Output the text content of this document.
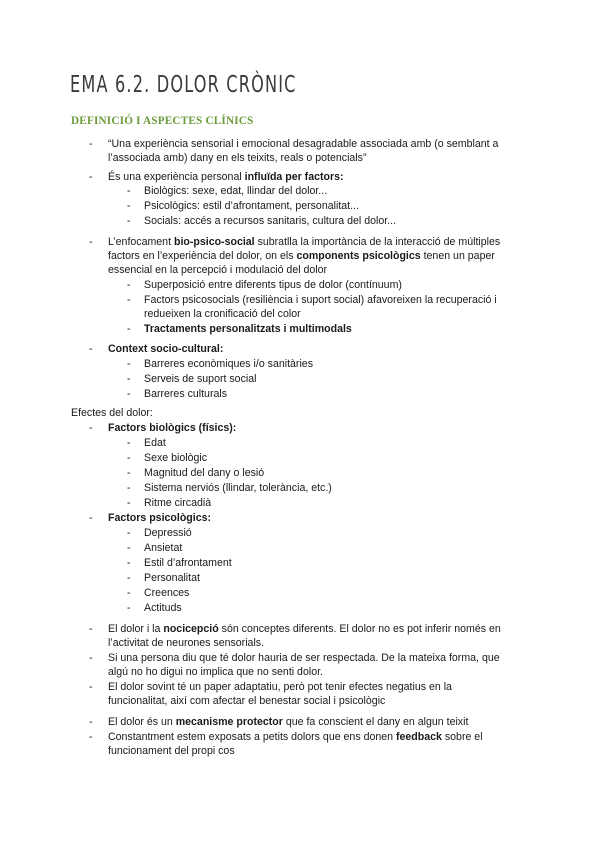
EMA 6.2. DOLOR CRÒNIC
DEFINICIÓ I ASPECTES CLÍNICS
- “Una experiència sensorial i emocional desagradable associada amb (o semblant a
l’associada amb) dany en els teixits, reals o potencials”
- És una experiència personal influïda per factors:
- Biològics: sexe, edat, llindar del dolor...
- Psicològics: estil d’afrontament, personalitat...
- Socials: accés a recursos sanitaris, cultura del dolor...
- L’enfocament bio-psico-social subratlla la importància de la interacció de múltiples
factors en l’experiència del dolor, on els components psicològics tenen un paper
essencial en la percepció i modulació del dolor
- Superposició entre diferents tipus de dolor (contínuum)
- Factors psicosocials (resiliència i suport social) afavoreixen la recuperació i
redueixen la cronificació del color
- Tractaments personalitzats i multimodals
- Context socio-cultural:
- Barreres econòmiques i/o sanitàries
- Serveis de suport social
- Barreres culturals
Efectes del dolor:
- Factors biològics (físics):
- Edat
- Sexe biològic
- Magnitud del dany o lesió
- Sistema nerviós (llindar, tolerància, etc.)
- Ritme circadià
- Factors psicològics:
- Depressió
- Ansietat
- Estil d’afrontament
- Personalitat
- Creences
- Actituds
- El dolor i la nocicepció són conceptes diferents. El dolor no es pot inferir només en
l’activitat de neurones sensorials.
- Si una persona diu que té dolor hauria de ser respectada. De la mateixa forma, que
algú no ho digui no implica que no senti dolor.
- El dolor sovint té un paper adaptatiu, però pot tenir efectes negatius en la
funcionalitat, així com afectar el benestar social i psicològic
- El dolor és un mecanisme protector que fa conscient el dany en algun teixit
- Constantment estem exposats a petits dolors que ens donen feedback sobre el
funcionament del propi cos
